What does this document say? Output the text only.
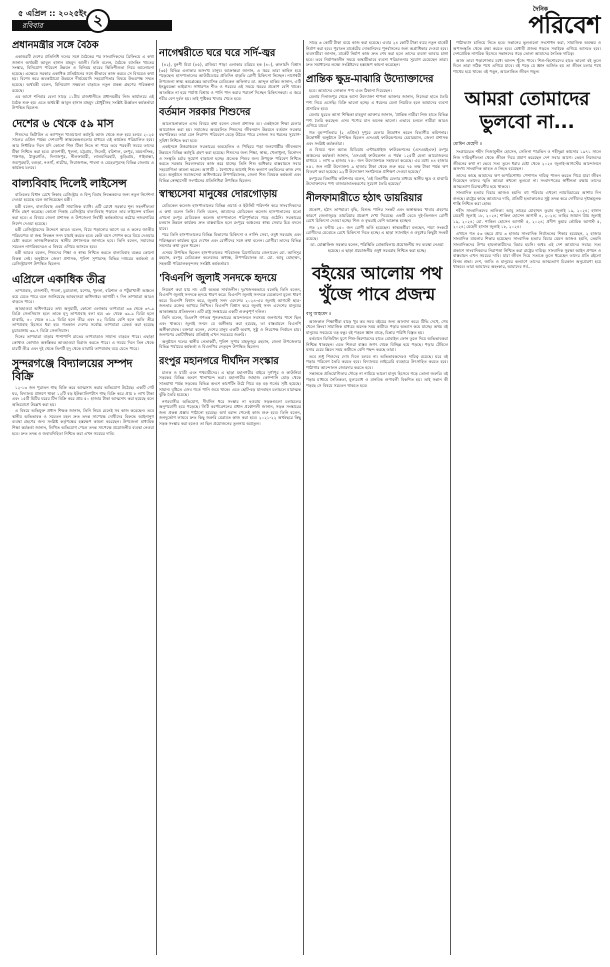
৫ এপ্রিল :: ২০২৫ইং
রবিবার	২
দৈনিক
পরিবেশ
প্রধানমন্ত্রীর সঙ্গে বৈঠক

একাত্তরটি দেশের প্রতিনিধি দলের সঙ্গে বৈঠকের পর সাংবাদিকদের ব্রিফিংয়ে এ কথা জানান অর্থমন্ত্রী আবুল হাসান মাহমুদ আলী। তিনি বলেন, বৈঠকে ব্যাংকিং খাতের সংস্কার, বিনিয়োগ পরিবেশ উন্নয়ন ও বিনিময় হারের স্থিতিশীলতা নিয়ে আলোচনা হয়েছে। এক্ষেত্রে সরকার একাধিক প্রতিষ্ঠানের সঙ্গে কীভাবে কাজ করবে সে বিষয়েও কথা হয়। বিশেষ করে অবকাঠামো উন্নয়নে দীর্ঘমেয়াদি সহযোগিতার বিষয়ে উভয়পক্ষ সম্মত হয়েছে। অর্থমন্ত্রী বলেন, বিনিয়োগ সক্ষমতা বাড়াতে নতুন প্রকল্প গ্রহণের পরিকল্পনা রয়েছে।

এর আগে শনিবার বেলা সাড়ে ১১টায় রাজধানীতে প্রধানমন্ত্রীর নিজ কার্যালয়ে এই বৈঠক শুরু হয়। এতে অর্থমন্ত্রী আবুল হাসান মাহমুদ চৌধুরীসহ সংশ্লিষ্ট ঊর্ধ্বতন কর্মকর্তারা উপস্থিত ছিলেন।

দেশের ৬ থেকে ৫৯ মাস

শিশুদের ভিটামিন এ ক্যাপসুল খাওয়ানো কর্মসূচি আজ থেকে শুরু হয়ে চলবে ২০২৫ সালের এপ্রিল পর্যন্ত। দেশব্যাপী স্বাস্থ্যকেন্দ্রগুলোর মাধ্যমে এই কার্যক্রম পরিচালিত হবে। আর নির্ধারিত দিনে যদি কোনো শিশু টিকা নিতে না পারে তবে পরবর্তী সময়ে তাদের টিকা নিশ্চিত করা হবে। রাজশাহী, খুলনা, চট্টগ্রাম, সিলেট, বরিশাল, রংপুর, ময়মনসিংহ, পঞ্চগড়, ঠাকুরগাঁও, দিনাজপুর, নীলফামারী, লালমনিরহাট, কুড়িগ্রাম, গাইবান্ধা, জয়পুরহাট, বগুড়া, নওগাঁ, নাটোর, সিরাজগঞ্জ, পাবনা ও মেহেরপুরসহ বিভিন্ন জেলায় এ কার্যক্রম চলবে।

বাল্যবিবাহ দিলেই লাইসেন্স

বাতিলের বিধান রেখে নিকাহ রেজিস্ট্রার ও হিন্দু বিবাহ নিবন্ধকদের জন্য নতুন নির্দেশনা দেওয়া হয়েছে বলে জানিয়েছেন মন্ত্রী।

মন্ত্রী বলেন, বাল্যবিবাহ একটি সামাজিক ব্যাধি। এটি রোধে সরকার শূন্য সহনশীলতা নীতি গ্রহণ করেছে। কোনো নিকাহ রেজিস্ট্রার বাল্যবিবাহ পড়ালে তার লাইসেন্স বাতিল করা হবে। এ বিষয়ে জেলা প্রশাসক ও উপজেলা নির্বাহী কর্মকর্তাদের কঠোর নজরদারির নির্দেশ দেওয়া হয়েছে।

মন্ত্রী রেজিস্ট্রারদের উদ্দেশে আরও বলেন, বিয়ে পড়ানোর আগে বর ও কনের জাতীয় পরিচয়পত্র বা জন্ম নিবন্ধন সনদ যাচাই করতে হবে। কেউ বয়স গোপন করে বিয়ে দেওয়ার চেষ্টা করলে তাৎক্ষণিকভাবে স্থানীয় প্রশাসনকে জানাতে হবে। তিনি বলেন, সমাজের সচেতন নাগরিকদেরও এ বিষয়ে এগিয়ে আসতে হবে।

মন্ত্রী আরও বলেন, শিশুদের শিক্ষা ও স্বাস্থ্য নিশ্চিত করতে বাল্যবিবাহ বন্ধের কোনো বিকল্প নেই। অনুষ্ঠানে জেলা প্রশাসক, পুলিশ সুপারসহ বিভিন্ন দপ্তরের কর্মকর্তা ও রেজিস্ট্রারগণ উপস্থিত ছিলেন।

এপ্রিলে একাধিক তীব্র

তাপপ্রবাহ, রাজশাহী, পাবনা, চুয়াডাঙ্গা, যশোর, খুলনা, বরিশাল ও পটুয়াখালী অঞ্চলে বয়ে যেতে পারে বলে জানিয়েছে আবহাওয়া অধিদপ্তর। আগামী ৭ দিন তাপমাত্রা আরও বাড়তে পারে।

আবহাওয়া অধিদপ্তরের তথ্য অনুযায়ী, কোনো এলাকার তাপমাত্রা ৩৬ থেকে ৩৭.৯ ডিগ্রি সেলসিয়াস হলে তাকে মৃদু তাপপ্রবাহ বলা হয়। ৩৮ থেকে ৩৯.৯ ডিগ্রি হলে মাঝারি, ৪০ থেকে ৪১.৯ ডিগ্রি হলে তীব্র এবং ৪২ ডিগ্রির বেশি হলে অতি তীব্র তাপপ্রবাহ হিসেবে ধরা হয়। গতকাল দেশের সর্বোচ্চ তাপমাত্রা রেকর্ড করা হয়েছে চুয়াডাঙ্গায় ৩৯.৭ ডিগ্রি সেলসিয়াস।

দিনের তাপমাত্রা বাড়ার পাশাপাশি রাতের তাপমাত্রাও সামান্য বাড়তে পারে। এছাড়া কোথাও কোথাও অস্বস্তিকর আবহাওয়া বিরাজ করতে পারে। এ সময়ে দিনে তিন থেকে চারটি তীব্র এবং দুই থেকে তিনটি মৃদু থেকে মাঝারি তাপপ্রবাহ বয়ে যেতে পারে।

সুন্দরগঞ্জে বিদ্যালয়ের সম্পদ বিক্রি

১২-১৩ জন পুরাতন গাছ বিক্রি করে আত্মসাৎ করার অভিযোগ উঠেছে। একটি গেট ঘর, বিদ্যালয় প্রাঙ্গণে থাকা ১২টি বড় ইউক্যালিপটাস গাছ বিক্রি করে প্রায় ৮ লাখ টাকা এবং ১৫টি মিটির ঘরের টিন বিক্রি করে প্রায় ৫০ হাজার টাকা আত্মসাৎ করা হয়েছে বলে অভিযোগে উল্লেখ করা হয়।

এ বিষয়ে অভিযুক্ত প্রধান শিক্ষক জানান, তিনি নিয়ম মেনেই সব কাজ করেছেন। তবে স্থানীয় অভিভাবক ও সচেতন মহল দ্রুত তদন্ত সাপেক্ষে দোষীদের বিরুদ্ধে আইনানুগ ব্যবস্থা গ্রহণের জন্য সংশ্লিষ্ট কর্তৃপক্ষের হস্তক্ষেপ কামনা করেছেন। উপজেলা মাধ্যমিক শিক্ষা কর্মকর্তা জানান, লিখিত অভিযোগ পেলে তদন্ত সাপেক্ষে প্রয়োজনীয় ব্যবস্থা নেওয়া হবে। দ্রুত তদন্ত ও জবাবদিহিতা নিশ্চিত করা এখন সময়ের দাবি।

নাগেশ্বরীতে ঘরে ঘরে সর্দি-জ্বর

(৪২), মুনশী মিয়া (৪৫), রাজিয়া পাড়া এলাকার মরিয়ম হক (৪০), কালাচাঁদ বিশ্বাস (৩৫) বিভিন্ন এলাকার অসংখ্য মানুষ। আক্রান্তরা জানান, এ জ্বরে তারা কাহিল হয়ে পড়েছেন। হাসপাতালের আউটডোরে প্রতিদিন বাড়তি রোগী চিকিৎসা নিচ্ছেন। নাগেশ্বরী উপজেলা স্বাস্থ্য কমপ্লেক্সের আবাসিক মেডিকেল অফিসার ডা. আব্দুল হাকিম জানান, এটি ইনফ্লুয়েঞ্জা ভাইরাস। সাধারণত শীত ও গরমের এই সময়ে জ্বরের প্রকোপ বেশি থাকে। আতঙ্কিত না হয়ে পর্যাপ্ত বিশ্রাম ও পানি পান করার পরামর্শ দিচ্ছেন চিকিৎসকরা। এ জ্বরে শরীর বেশ দুর্বল হয়। তাই পুষ্টিকর খাবার খেতে হবে।

বর্তমান সরকার শিশুদের

আলোচনাকালে এসব বিষয়ে কথা বলেন জেলা প্রশাসক ড্য। একইসঙ্গে শিক্ষা মেলার আয়োজন করা হয়। সমাজের অবহেলিত শিশুদের জীবনমান উন্নয়নে বর্তমান সরকার বদ্ধপরিকর। তারা যেন নিরাপদ পরিবেশে বেড়ে উঠতে পারে সেজন্য সব ধরনের সুযোগ-সুবিধা নিশ্চিত করা হবে।

একইসঙ্গে উত্তরাঞ্চলে সরকারের অবহেলিত ও পিছিয়ে পড়া জনগোষ্ঠীর জীবনমান উন্নয়নে বিভিন্ন কর্মসূচি গ্রহণ করা হয়েছে। শিশুদের জন্য শিক্ষা, স্বাস্থ্য, খেলাধুলা, বিনোদন ও সংস্কৃতি চর্চার সুযোগ বাড়ানো হচ্ছে। প্রত্যেক শিশুর জন্য উপযুক্ত পরিবেশ নিশ্চিত করতে সরকার নিরলসভাবে কাজ করে যাচ্ছে। তিনি শিশু অধিকার বাস্তবায়নে সবার সহযোগিতা কামনা করেন। আগামী ১ বৈশাখের আগেই শিশু কল্যাণ তহবিলের কাজ শেষ হবে। অনুষ্ঠানে সমাজসেবা অধিদপ্তরের উপপরিচালক, জেলা শিশু বিষয়ক কর্মকর্তা এবং বিভিন্ন স্বেচ্ছাসেবী সংগঠনের প্রতিনিধিরা উপস্থিত ছিলেন।

স্বাস্থ্যসেবা মানুষের দোরগোড়ায়

মেডিকেল কলেজ হাসপাতালের বিভিন্ন ওয়ার্ড ও ইউনিট পরিদর্শন করে সাংবাদিকদের এ কথা বলেন তিনি। তিনি বলেন, আমাদের মেডিকেল কলেজ হাসপাতালের মতো এখনো রংপুর মেডিকেল কলেজ হাসপাতালে পরিপূর্ণভাবে গড়ে ওঠেনি। সরকারের চলমান উন্নয়ন কার্যক্রম দ্রুত বাস্তবায়িত হলে রংপুরে অঞ্চলের স্বাস্থ্য সেবার চিত্র বদলে যাবে।

পরে তিনি হাসপাতালের বিভিন্ন বিভাগের চিকিৎসা ও নার্সিং সেবা, ওষুধ সরবরাহ এবং পরিচ্ছন্নতা কার্যক্রম ঘুরে দেখেন এবং রোগীদের সঙ্গে কথা বলেন। রোগীরা তাদের বিভিন্ন সমস্যার কথা তুলে ধরেন।

এসময় উপস্থিত ছিলেন হাসপাতালের পরিচালক ব্রিগেডিয়ার জেনারেল মো. আনিসুর রহমান, রংপুর মেডিকেল কলেজের অধ্যক্ষ, উপপরিচালক ডা. মো. আবু মোহাম্মদ, সহকারী পরিচালকবৃন্দসহ সংশ্লিষ্ট কর্মকর্তারা।

'বিএনপি জুলাই সনদকে হৃদয়ে

নিয়ন্ত্রণ করা যায় না। এটি অত্যন্ত সার্বজনীন। দুঃখজনকভাবে বলেছি তিনি বলেন, বিএনপি জুলাই সনদকে হৃদয়ে ধারণ করে। বিএনপি জুলাই সনদকে যেকোনো মূল্যে ধারণ করে। বিএনপি বিশ্বাস করে, জুলাই সনদ এদেশের ২০২৪-এর জুলাই আগস্টে ছাত্র-জনতার রক্তের আখরে লিখিত। বিএনপি বিশ্বাস করে জুলাই সনদ এদেশের মানুষের আকাঙ্ক্ষার প্রতিফলন। এটি রাষ্ট্র সংস্কারের একটি গুরুত্বপূর্ণ দলিল।

তিনি বলেন, বিএনপি গণতন্ত্র পুনরুদ্ধারের আন্দোলনে সবসময় জনগণের পাশে ছিল এবং থাকবে। জুলাই সনদে যে অঙ্গীকার করা হয়েছে, তা বাস্তবায়নে বিএনপি অঙ্গীকারাবদ্ধ। বক্তারা বলেন, দেশের মানুষ একটি অবাধ, সুষ্ঠু ও নিরপেক্ষ নির্বাচন চায়। জনগণের ভোটাধিকার প্রতিষ্ঠাই এখন সবচেয়ে জরুরি।

অনুষ্ঠানে দলের স্থানীয় নেতাকর্মী, পুলিশ সুপার মাহফুজুর রহমান, জেলা উপজেলার বিভিন্ন পর্যায়ের কর্মকর্তা ও বিএনপির নেতৃবৃন্দ উপস্থিত ছিলেন।

রংপুর মহানগরে দীর্ঘদিন সংস্কার

চালক ও যাত্রী এবং পথচারীদের। এ ছাড়া মহানগরীর বাইরে দুর্গাপুর ও কাউনিয়া সড়কের বিভিন্ন অংশে খানাখন্দে ভরা। মহানগরীর জাহাজ কোম্পানি মোড় থেকে সাতমাথা পর্যন্ত সড়কের বিভিন্ন অংশে কার্পেটিং উঠে গিয়ে বড় বড় গর্তের সৃষ্টি হয়েছে। সামান্য বৃষ্টিতে এসব গর্তে পানি জমে থাকে। এতে ছোট-বড় যানবাহন চলাচলে মারাত্মক ঝুঁকি তৈরি হয়েছে।

নগরবাসীর অভিযোগ, দীর্ঘদিন ধরে সংস্কার না হওয়ায় সড়কগুলো চলাচলের অনুপযোগী হয়ে পড়েছে। সিটি কর্পোরেশনের প্রধান প্রকৌশলী জানান, সড়ক সংস্কারের জন্য প্রকল্প প্রস্তাব পাঠানো হয়েছে। অর্থ বরাদ্দ পেলেই কাজ শুরু হবে। তিনি বলেন, জনদুর্ভোগ লাঘবে দ্রুত কিছু জরুরি মেরামত কাজ করা হবে। ২০২১-২২ অর্থবছরে কিছু সড়ক সংস্কার করা হলেও তা ছিল প্রয়োজনের তুলনায় অপ্রতুল।

সাড়ে ৬ কোটি টাকা ব্যয়ে কাজ করা হয়েছে। এবার ২৪ কোটি টাকা ব্যয়ে নতুন মার্কেট নির্মাণ করা হবে। পুরাতন মার্কেটের দোকানিদের পুনর্বাসনের জন্য অগ্রাধিকার দেওয়া হবে। ব্যবসায়ীরা জানান, মার্কেট নির্মাণ কাজ দ্রুত শেষ করা হলে তাদের ব্যবসা আবার চাঙ্গা হবে। তবে নির্মাণকালীন সময়ে অস্থায়ীভাবে ব্যবসা পরিচালনার সুযোগ চেয়েছেন তারা। দ্রুত সমাধানের লক্ষ্যে সংশ্লিষ্টদের হস্তক্ষেপ কামনা করেছেন।

প্রান্তিক ক্ষুদ্র-মাঝারি উদ্যোক্তাদের

হবে। আমাদের লোকাল পণ্য এবং ঠিকানা দিয়েছেন।

মেলায় দিনাজপুর থেকে আসা উদ্যোক্তা শাপলা আক্তার জানান, নিজেরা হাতে তৈরি পণ্য নিয়ে এসেছি। বিক্রি ভালো হচ্ছে। এ ধরনের মেলা নিয়মিত হলে আমাদের ব্যবসা প্রসারিত হবে।

মেলায় ঘুরতে আসা শিক্ষিকা মাহমুদা আক্তার জানান, 'প্রান্তিক নারীরা নিজ হাতে বিভিন্ন পণ্য তৈরি করছেন। এসব পণ্যের মান অনেক ভালো। এভাবে চললে নারীরা আরও এগিয়ে যাবে।'

গত বৃহস্পতিবার (২ এপ্রিল) দুপুরে মেলার উদ্বোধন করেন বিভাগীয় কমিশনার। উদ্বোধনী অনুষ্ঠানে উপস্থিত ছিলেন এসএমই ফাউন্ডেশনের চেয়ারম্যান, জেলা প্রশাসক এবং সংশ্লিষ্ট কর্মকর্তারা।

এ বিষয়ে স্মল অ্যান্ড মিডিয়াম এন্টারপ্রাইজ ফাউন্ডেশনের (এসএমইএফ) রংপুর অঞ্চলের কর্মকর্তা জানান, 'এসএমই ফাউন্ডেশন এ পর্যন্ত ১২৫টি মেলা আয়োজনের মাধ্যমে ১ লাখ ৩ হাজার ৭৫০ জন উদ্যোক্তাকে সহায়তা করেছে। এর মধ্যে ৪৪ হাজার ৪৫১ জন নারী উদ্যোক্তা। ৯ হাজার টাকা থেকে শুরু করে ৭৫ লক্ষ টাকা পর্যন্ত ঋণ বিতরণ করা হয়েছে। ৯২টি উদ্যোক্তা সংগঠনকে প্রশিক্ষণ দেওয়া হয়েছে।'

রংপুরের বিভাগীয় কমিশনার বলেন, 'এই বিভাগীয় মেলার মাধ্যমে স্থানীয় ক্ষুদ্র ও মাঝারি উদ্যোক্তাদের পণ্য বাজারজাতকরণের সুযোগ তৈরি হয়েছে।'

নীলফামারীতে হঠাৎ ডায়রিয়ার

প্রকোপ, হঠাৎ তাপমাত্রা বৃদ্ধি, বিশুদ্ধ পানির সংকট এবং অস্বাস্থ্যকর খাবার গ্রহণের কারণে জেলাজুড়ে ডায়রিয়ার প্রকোপ দেখা দিয়েছে। একটি বেডে দুই-তিনজন রোগী রেখে চিকিৎসা দেওয়া হচ্ছে। শিশু ও বৃদ্ধরাই বেশি আক্রান্ত হচ্ছেন।

গত ২৪ ঘণ্টায় ২৫০ জন রোগী ভর্তি হয়েছেন। স্বাস্থ্যকর্মীরা বলছেন, শয্যা সংকটে রোগীদের মেঝেতে রেখে চিকিৎসা দিতে হচ্ছে। এ ছাড়া স্যালাইন ও ওষুধের কিছুটা সংকট রয়েছে।

ডা. মোস্তাফিজ সরকার বলেন, পরিস্থিতি মোকাবিলায় প্রয়োজনীয় সব ব্যবস্থা নেওয়া হয়েছে। এ ছাড়া প্রয়োজনীয় ওষুধ সরবরাহ নিশ্চিত করা হচ্ছে।
বইয়ের আলোয় পথ
খুঁজে পাবে প্রজন্ম
বাবু আহমেদ ॥

আজকাল শিক্ষার্থীরা বাড়ে খুব কম সময় বইয়ের জন্য আলাদা করে। টিভি দেখে, গেম খেলে কিংবা সামাজিক মাধ্যমে অনেক সময় কাটায়। পড়ার অভ্যাস কমে যাচ্ছে। অথচ বই মানুষের সবচেয়ে বড় বন্ধু। বই পড়লে জ্ঞান বাড়ে, চিন্তার পরিধি বিস্তৃত হয়।

বর্তমানে ডিজিটাল যুগে শিশু-কিশোরদের হাতে মোবাইল ফোন তুলে দিয়ে অভিভাবকরা নিশ্চিন্ত থাকছেন। এতে শিশুরা বাস্তব জগৎ থেকে বিচ্ছিন্ন হয়ে পড়ছে। পড়ার টেবিলে বসার চেয়ে স্ক্রিনে সময় কাটাতে বেশি পছন্দ করছে তারা।

তবে শুধু শিশুদের দোষ দিলে চলবে না। অভিভাবকদেরও দায়িত্ব রয়েছে। ঘরে বই পড়ার পরিবেশ তৈরি করতে হবে। বিদ্যালয়ে লাইব্রেরি ব্যবহারে উৎসাহিত করতে হবে। পাঠাগার আন্দোলন জোরদার করতে হবে।

সন্তানকে প্রতিযোগিতার দৌড়ে না নামিয়ে ভালো মানুষ হিসেবে গড়ে তোলা জরুরি। বই পড়ার মাধ্যমে নৈতিকতা, মূল্যবোধ ও মানবিক গুণাবলী বিকশিত হয়। তাই সন্তান কী পড়ছে সে বিষয়ে সচেতন থাকতে হবে।

পাঠাভ্যাস চালিয়ে নিতে হবে। সন্তানের ভুলগুলো সংশোধন করা, সামাজিক অবক্ষয় ও অপসংস্কৃতি থেকে রক্ষা করতে হবে। মেধাবী প্রজন্ম গড়তে সবাইকে এগিয়ে আসতে হবে। দেশপ্রেমিক নাগরিক হিসেবে সন্তানদের গড়ে তোলা আমাদের নৈতিক দায়িত্ব।

আজ তারা পড়াশোনার মধ্যে আনন্দ খুঁজে পাবে। শিশু-কিশোরদের হাতে ভালো বই তুলে দিলে তারা সঠিক পথে এগিয়ে যাবে। বই পড়ে যে জ্ঞান অর্জিত হয় তা জীবন চলার পথে পাথেয় হয়ে থাকে। বই পড়ুন, আলোকিত জীবন গড়ুন।

আমরা তোমাদের
ভুলবো না...
মোমিন মেহেদী ॥

সংগ্রামেরত শহীদ নিজামুদ্দীন হোসেন, সেলিনা পারভিন ও শহীদুল্লা কায়সার ১৯৭১ সালে নিজ দায়িত্বশীলতা থেকে জীবন দিয়ে প্রমাণ করেছেন দেশ সবার আগে। তেমন নিজেদের জীবনের কথা না ভেবে সত্য তুলে ধরার চেষ্টা থেকে ২০২৪ জুলাই-আগস্টের আন্দোলনে অসংখ্য সাংবাদিক আহত ও নিহত হয়েছেন।

তাদের কাছে আমাদের ঋণ অপরিশোধ্য। পেশাগত দায়িত্ব পালন করতে গিয়ে যারা জীবন দিয়েছেন তাদের স্মৃতি আমরা কখনো ভুলবো না। সংবাদপত্রের স্বাধীনতা রক্ষায় তাদের আত্মত্যাগ চিরস্মরণীয় হয়ে থাকবে।

সাংবাদিক হত্যার বিচার আজও হয়নি। বহু পরিবার এখনো ন্যায়বিচারের আশায় দিন গুনছে। রাষ্ট্রের কাছে আমাদের দাবি, প্রতিটি হত্যাকাণ্ডের সুষ্ঠু তদন্ত করে দোষীদের দৃষ্টান্তমূলক শাস্তি নিশ্চিত করা হোক।

শহীদ সাংবাদিকদের তালিকা: আবু তাহের মোহাম্মদ তুরাব জুলাই ১৯, ২০২৪; হাসান মেহেদী জুলাই ১৮, ২০২৪; শাকিল হোসেন আগস্ট ৪, ২০২৪; তাহির জামান প্রিয় জুলাই ১৯, ২০২৪; মো. শাকিল হোসেন আগস্ট ৫, ২০২৪; প্রদীপ কুমার ভৌমিক আগস্ট ৫, ২০২৪; মেহেদী হাসান জুলাই ১৮, ২০২৪।

এখানে গত ৫৩ বছরে প্রায় ৩ হাজার সাংবাদিক নির্যাতনের শিকার হয়েছেন, ২ হাজার সাংবাদিক মামলার শিকার হয়েছেন। সাংবাদিক হত্যার বিচার যেমন আজও হয়নি, তেমনি সাংবাদিকদের উপর হামলাকারীদের বিচার হয়নি। অথচ এই দেশ আমাদের সবার। সত্য প্রকাশে সাংবাদিকদের নিরাপত্তা নিশ্চিত করা রাষ্ট্রের দায়িত্ব। সাংবাদিক সুরক্ষা আইন প্রণয়ন ও বাস্তবায়ন এখন সময়ের দাবি। যারা জীবন দিয়ে সত্যকে তুলে ধরেছেন তাদের প্রতি রইলো বিনম্র শ্রদ্ধা। দেশ, জাতি ও মানুষের কল্যাণে তাদের আত্মত্যাগ চিরকাল অনুপ্রেরণা হয়ে থাকবে। তারা আমাদের অহংকার, আমাদের গর্ব...
